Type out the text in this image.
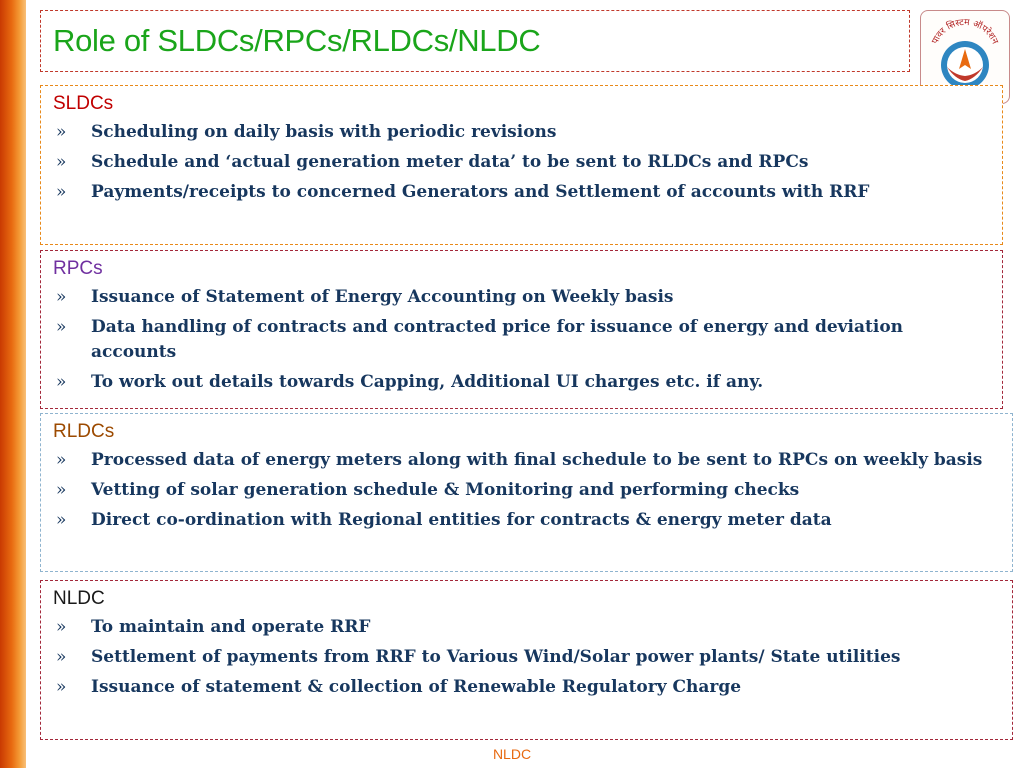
Role of SLDCs/RPCs/RLDCs/NLDC	पावर सिस्टम ऑपरेशन
SLDCs
» Scheduling on daily basis with periodic revisions
» Schedule and ‘actual generation meter data’ to be sent to RLDCs and RPCs
» Payments/receipts to concerned Generators and Settlement of accounts with RRF
RPCs
» Issuance of Statement of Energy Accounting on Weekly basis
» Data handling of contracts and contracted price for issuance of energy and deviation accounts
» To work out details towards Capping, Additional UI charges etc. if any.
RLDCs
» Processed data of energy meters along with final schedule to be sent to RPCs on weekly basis
» Vetting of solar generation schedule & Monitoring and performing checks
» Direct co-ordination with Regional entities for contracts & energy meter data
NLDC
» To maintain and operate RRF
» Settlement of payments from RRF to Various Wind/Solar power plants/ State utilities
» Issuance of statement & collection of Renewable Regulatory Charge
NLDC
